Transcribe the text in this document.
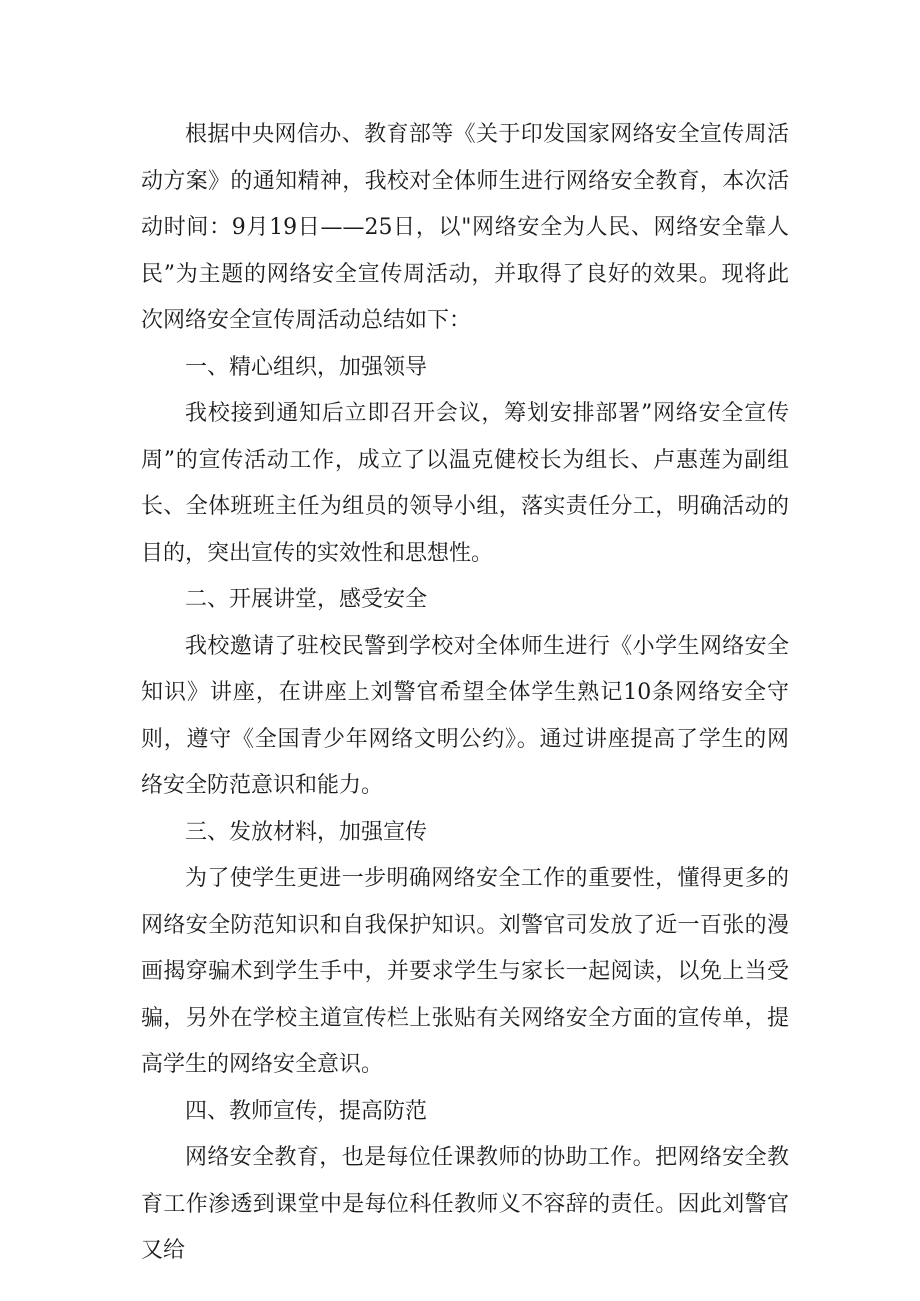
根据中央网信办、教育部等《关于印发国家网络安全宣传周活动方案》的通知精神，我校对全体师生进行网络安全教育，本次活动时间：9月19日——25日，以"网络安全为人民、网络安全靠人民”为主题的网络安全宣传周活动，并取得了良好的效果。现将此次网络安全宣传周活动总结如下：

一、精心组织，加强领导

我校接到通知后立即召开会议，筹划安排部署”网络安全宣传周”的宣传活动工作，成立了以温克健校长为组长、卢惠莲为副组长、全体班班主任为组员的领导小组，落实责任分工，明确活动的目的，突出宣传的实效性和思想性。

二、开展讲堂，感受安全

我校邀请了驻校民警到学校对全体师生进行《小学生网络安全知识》讲座，在讲座上刘警官希望全体学生熟记10条网络安全守则，遵守《全国青少年网络文明公约》。通过讲座提高了学生的网络安全防范意识和能力。

三、发放材料，加强宣传

为了使学生更进一步明确网络安全工作的重要性，懂得更多的网络安全防范知识和自我保护知识。刘警官司发放了近一百张的漫画揭穿骗术到学生手中，并要求学生与家长一起阅读，以免上当受骗，另外在学校主道宣传栏上张贴有关网络安全方面的宣传单，提高学生的网络安全意识。

四、教师宣传，提高防范

网络安全教育，也是每位任课教师的协助工作。把网络安全教育工作渗透到课堂中是每位科任教师义不容辞的责任。因此刘警官又给
